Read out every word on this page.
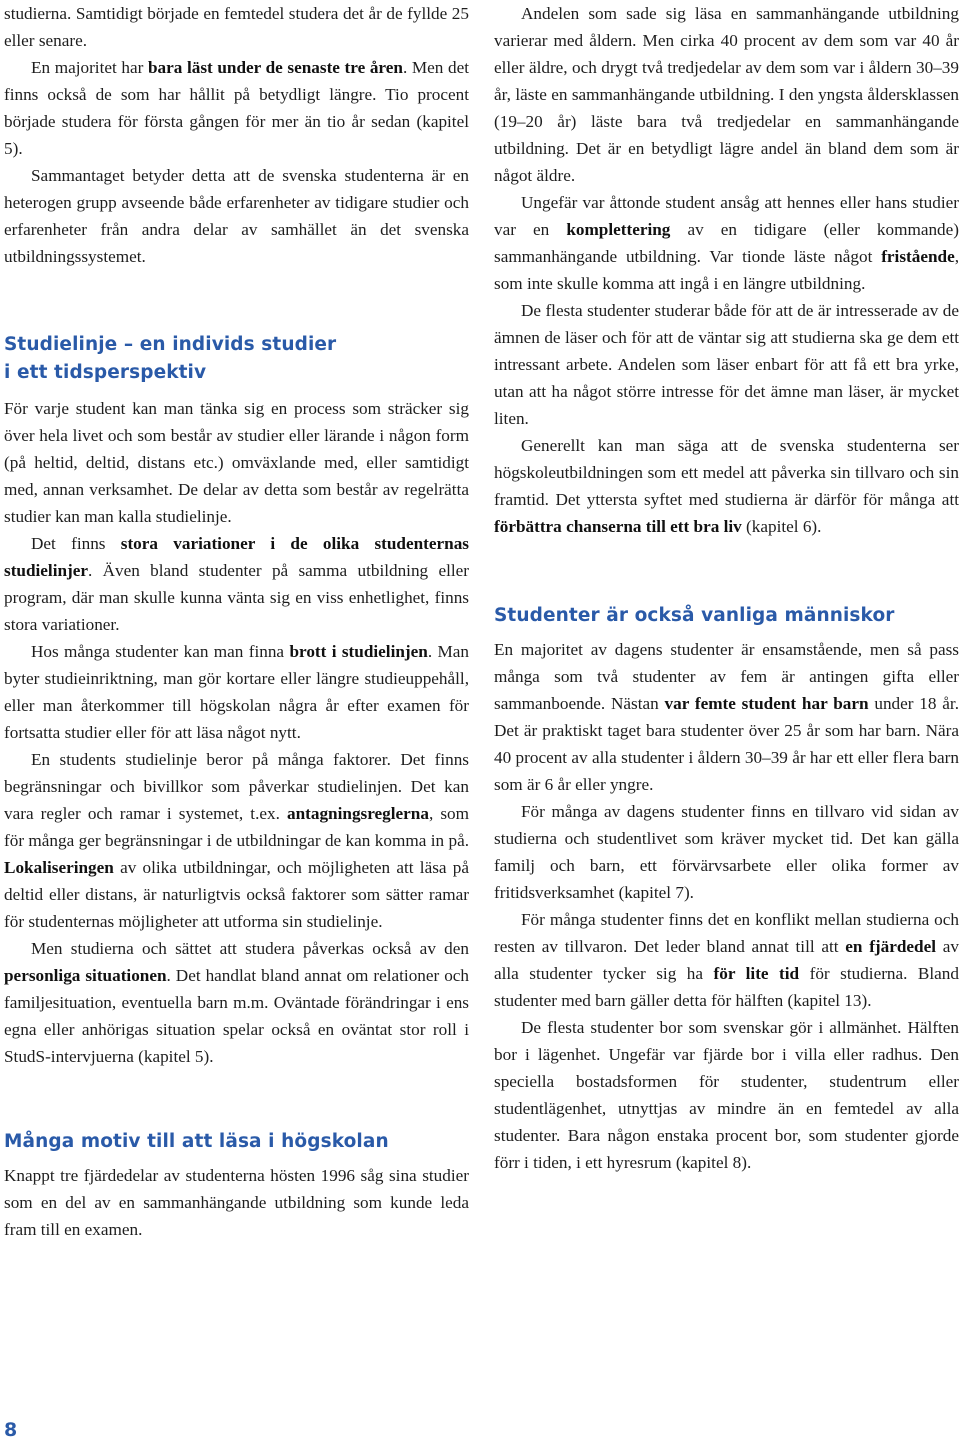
studierna. Samtidigt började en femtedel studera det år de fyllde 25 eller senare.

En majoritet har bara läst under de senaste tre åren. Men det finns också de som har hållit på betydligt längre. Tio procent började studera för första gången för mer än tio år sedan (kapitel 5).

Sammantaget betyder detta att de svenska studenterna är en heterogen grupp avseende både erfarenheter av tidigare studier och erfarenheter från andra delar av samhället än det svenska utbildningssystemet.

Studielinje – en individs studier
i ett tidsperspektiv

För varje student kan man tänka sig en process som sträcker sig över hela livet och som består av studier eller lärande i någon form (på heltid, deltid, distans etc.) omväxlande med, eller samtidigt med, annan verksamhet. De delar av detta som består av regelrätta studier kan man kalla studielinje.

Det finns stora variationer i de olika studenternas studielinjer. Även bland studenter på samma utbildning eller program, där man skulle kunna vänta sig en viss enhetlighet, finns stora variationer.

Hos många studenter kan man finna brott i studielinjen. Man byter studieinriktning, man gör kortare eller längre studieuppehåll, eller man återkommer till högskolan några år efter examen för fortsatta studier eller för att läsa något nytt.

En students studielinje beror på många faktorer. Det finns begränsningar och bivillkor som påverkar studielinjen. Det kan vara regler och ramar i systemet, t.ex. antagningsreglerna, som för många ger begränsningar i de utbildningar de kan komma in på. Lokaliseringen av olika utbildningar, och möjligheten att läsa på deltid eller distans, är naturligtvis också faktorer som sätter ramar för studenternas möjligheter att utforma sin studielinje.

Men studierna och sättet att studera påverkas också av den personliga situationen. Det handlat bland annat om relationer och familjesituation, eventuella barn m.m. Oväntade förändringar i ens egna eller anhörigas situation spelar också en oväntat stor roll i StudS-intervjuerna (kapitel 5).

Många motiv till att läsa i högskolan

Knappt tre fjärdedelar av studenterna hösten 1996 såg sina studier som en del av en sammanhängande utbildning som kunde leda fram till en examen.

Andelen som sade sig läsa en sammanhängande utbildning varierar med åldern. Men cirka 40 procent av dem som var 40 år eller äldre, och drygt två tredjedelar av dem som var i åldern 30–39 år, läste en sammanhängande utbildning. I den yngsta åldersklassen (19–20 år) läste bara två tredjedelar en sammanhängande utbildning. Det är en betydligt lägre andel än bland dem som är något äldre.

Ungefär var åttonde student ansåg att hennes eller hans studier var en komplettering av en tidigare (eller kommande) sammanhängande utbildning. Var tionde läste något fristående, som inte skulle komma att ingå i en längre utbildning.

De flesta studenter studerar både för att de är intresserade av de ämnen de läser och för att de väntar sig att studierna ska ge dem ett intressant arbete. Andelen som läser enbart för att få ett bra yrke, utan att ha något större intresse för det ämne man läser, är mycket liten.

Generellt kan man säga att de svenska studenterna ser högskoleutbildningen som ett medel att påverka sin tillvaro och sin framtid. Det yttersta syftet med studierna är därför för många att förbättra chanserna till ett bra liv (kapitel 6).

Studenter är också vanliga människor

En majoritet av dagens studenter är ensamstående, men så pass många som två studenter av fem är antingen gifta eller sammanboende. Nästan var femte student har barn under 18 år. Det är praktiskt taget bara studenter över 25 år som har barn. Nära 40 procent av alla studenter i åldern 30–39 år har ett eller flera barn som är 6 år eller yngre.

För många av dagens studenter finns en tillvaro vid sidan av studierna och studentlivet som kräver mycket tid. Det kan gälla familj och barn, ett förvärvsarbete eller olika former av fritidsverksamhet (kapitel 7).

För många studenter finns det en konflikt mellan studierna och resten av tillvaron. Det leder bland annat till att en fjärdedel av alla studenter tycker sig ha för lite tid för studierna. Bland studenter med barn gäller detta för hälften (kapitel 13).

De flesta studenter bor som svenskar gör i allmänhet. Hälften bor i lägenhet. Ungefär var fjärde bor i villa eller radhus. Den speciella bostadsformen för studenter, studentrum eller studentlägenhet, utnyttjas av mindre än en femtedel av alla studenter. Bara någon enstaka procent bor, som studenter gjorde förr i tiden, i ett hyresrum (kapitel 8).

8
